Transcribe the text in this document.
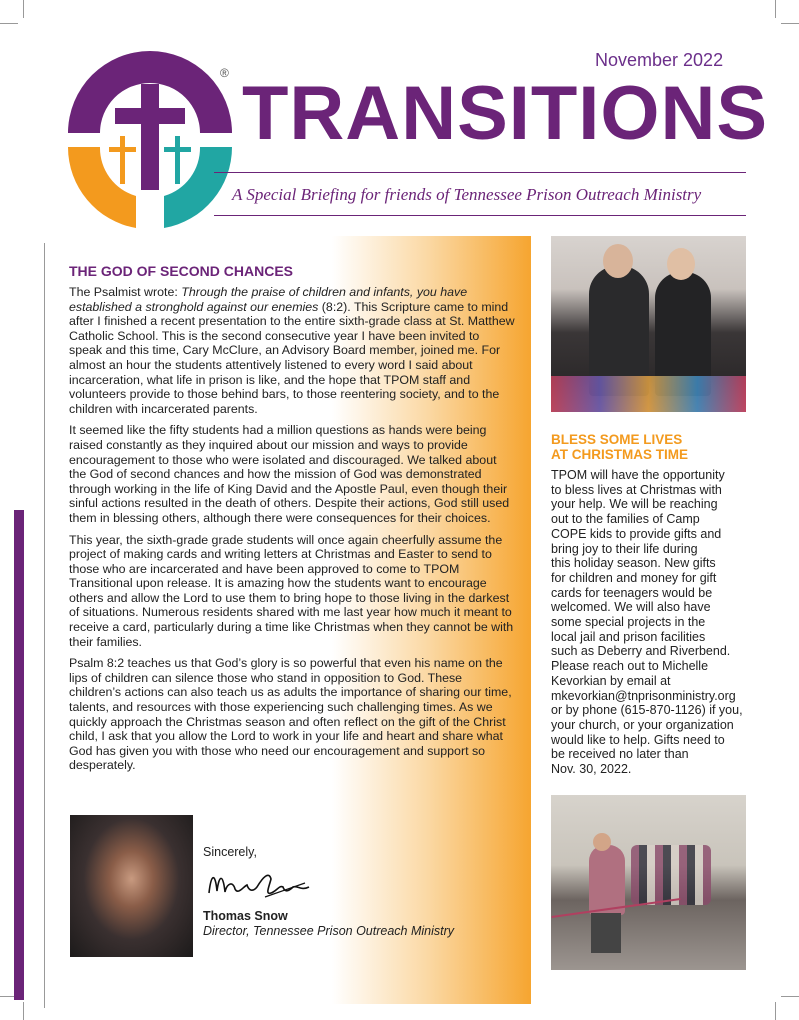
®
November 2022
TRANSITIONS
A Special Briefing for friends of Tennessee Prison Outreach Ministry
THE GOD OF SECOND CHANCES

The Psalmist wrote: Through the praise of children and infants, you have established a stronghold against our enemies (8:2). This Scripture came to mind after I finished a recent presentation to the entire sixth-grade class at St. Matthew Catholic School. This is the second consecutive year I have been invited to speak and this time, Cary McClure, an Advisory Board member, joined me. For almost an hour the students attentively listened to every word I said about incarceration, what life in prison is like, and the hope that TPOM staff and volunteers provide to those behind bars, to those reentering society, and to the children with incarcerated parents.

It seemed like the fifty students had a million questions as hands were being raised constantly as they inquired about our mission and ways to provide encouragement to those who were isolated and discouraged. We talked about the God of second chances and how the mission of God was demonstrated through working in the life of King David and the Apostle Paul, even though their sinful actions resulted in the death of others. Despite their actions, God still used them in blessing others, although there were consequences for their choices.

This year, the sixth-grade grade students will once again cheerfully assume the project of making cards and writing letters at Christmas and Easter to send to those who are incarcerated and have been approved to come to TPOM Transitional upon release. It is amazing how the students want to encourage others and allow the Lord to use them to bring hope to those living in the darkest of situations. Numerous residents shared with me last year how much it meant to receive a card, particularly during a time like Christmas when they cannot be with their families.

Psalm 8:2 teaches us that God’s glory is so powerful that even his name on the lips of children can silence those who stand in opposition to God. These children’s actions can also teach us as adults the importance of sharing our time, talents, and resources with those experiencing such challenging times. As we quickly approach the Christmas season and often reflect on the gift of the Christ child, I ask that you allow the Lord to work in your life and heart and share what God has given you with those who need our encouragement and support so desperately.

Sincerely,
Thomas Snow
Director, Tennessee Prison Outreach Ministry
BLESS SOME LIVES
AT CHRISTMAS TIME
TPOM will have the opportunity
to bless lives at Christmas with
your help. We will be reaching
out to the families of Camp
COPE kids to provide gifts and
bring joy to their life during
this holiday season. New gifts
for children and money for gift
cards for teenagers would be
welcomed. We will also have
some special projects in the
local jail and prison facilities
such as Deberry and Riverbend.
Please reach out to Michelle
Kevorkian by email at
mkevorkian@tnprisonministry.org
or by phone (615-870-1126) if you,
your church, or your organization
would like to help. Gifts need to
be received no later than
Nov. 30, 2022.
